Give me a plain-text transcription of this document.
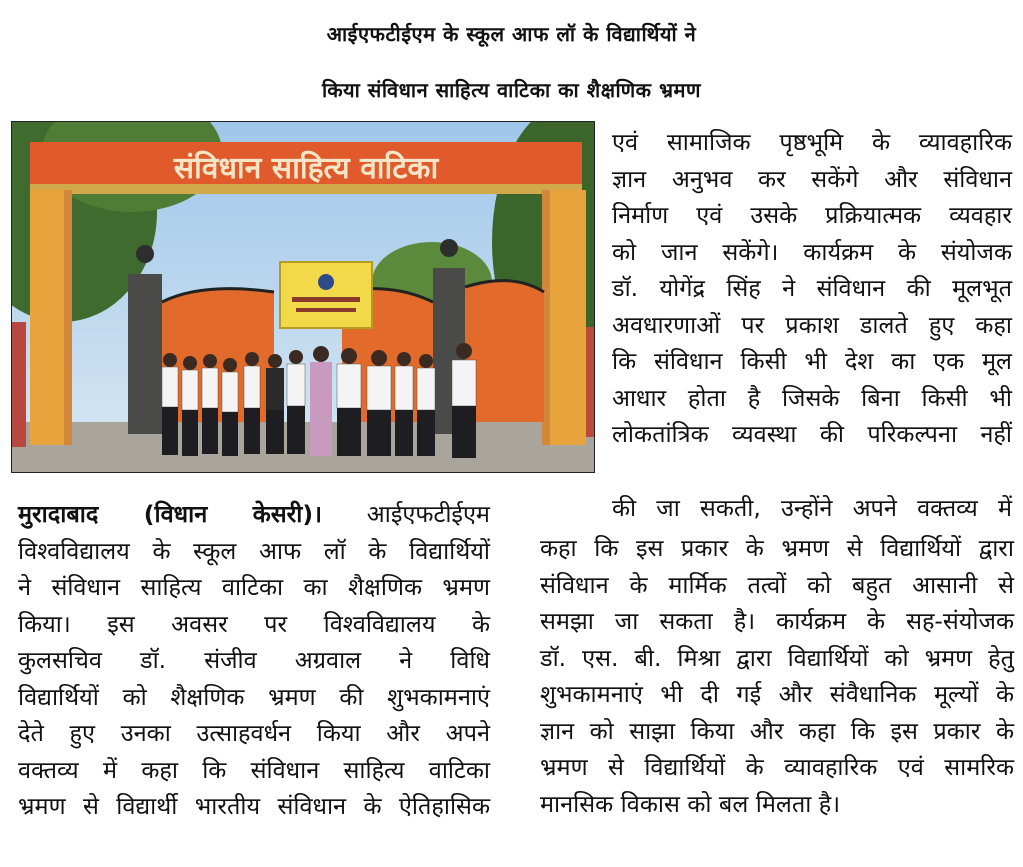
आईएफटीईएम के स्कूल आफ लॉ के विद्यार्थियों ने
किया संविधान साहित्य वाटिका का शैक्षणिक भ्रमण
संविधान साहित्य वाटिका
मुरादाबाद (विधान केसरी)। आईएफटीईएम
विश्वविद्यालय के स्कूल आफ लॉ के विद्यार्थियों
ने संविधान साहित्य वाटिका का शैक्षणिक भ्रमण
किया। इस अवसर पर विश्वविद्यालय के
कुलसचिव डॉ. संजीव अग्रवाल ने विधि
विद्यार्थियों को शैक्षणिक भ्रमण की शुभकामनाएं
देते हुए उनका उत्साहवर्धन किया और अपने
वक्तव्य में कहा कि संविधान साहित्य वाटिका
भ्रमण से विद्यार्थी भारतीय संविधान के ऐतिहासिक
एवं सामाजिक पृष्ठभूमि के व्यावहारिक
ज्ञान अनुभव कर सकेंगे और संविधान
निर्माण एवं उसके प्रक्रियात्मक व्यवहार
को जान सकेंगे। कार्यक्रम के संयोजक
डॉ. योगेंद्र सिंह ने संविधान की मूलभूत
अवधारणाओं पर प्रकाश डालते हुए कहा
कि संविधान किसी भी देश का एक मूल
आधार होता है जिसके बिना किसी भी
लोकतांत्रिक व्यवस्था की परिकल्पना नहीं
की जा सकती, उन्होंने अपने वक्तव्य में
कहा कि इस प्रकार के भ्रमण से विद्यार्थियों द्वारा
संविधान के मार्मिक तत्वों को बहुत आसानी से
समझा जा सकता है। कार्यक्रम के सह-संयोजक
डॉ. एस. बी. मिश्रा द्वारा विद्यार्थियों को भ्रमण हेतु
शुभकामनाएं भी दी गई और संवैधानिक मूल्यों के
ज्ञान को साझा किया और कहा कि इस प्रकार के
भ्रमण से विद्यार्थियों के व्यावहारिक एवं सामरिक
मानसिक विकास को बल मिलता है।
